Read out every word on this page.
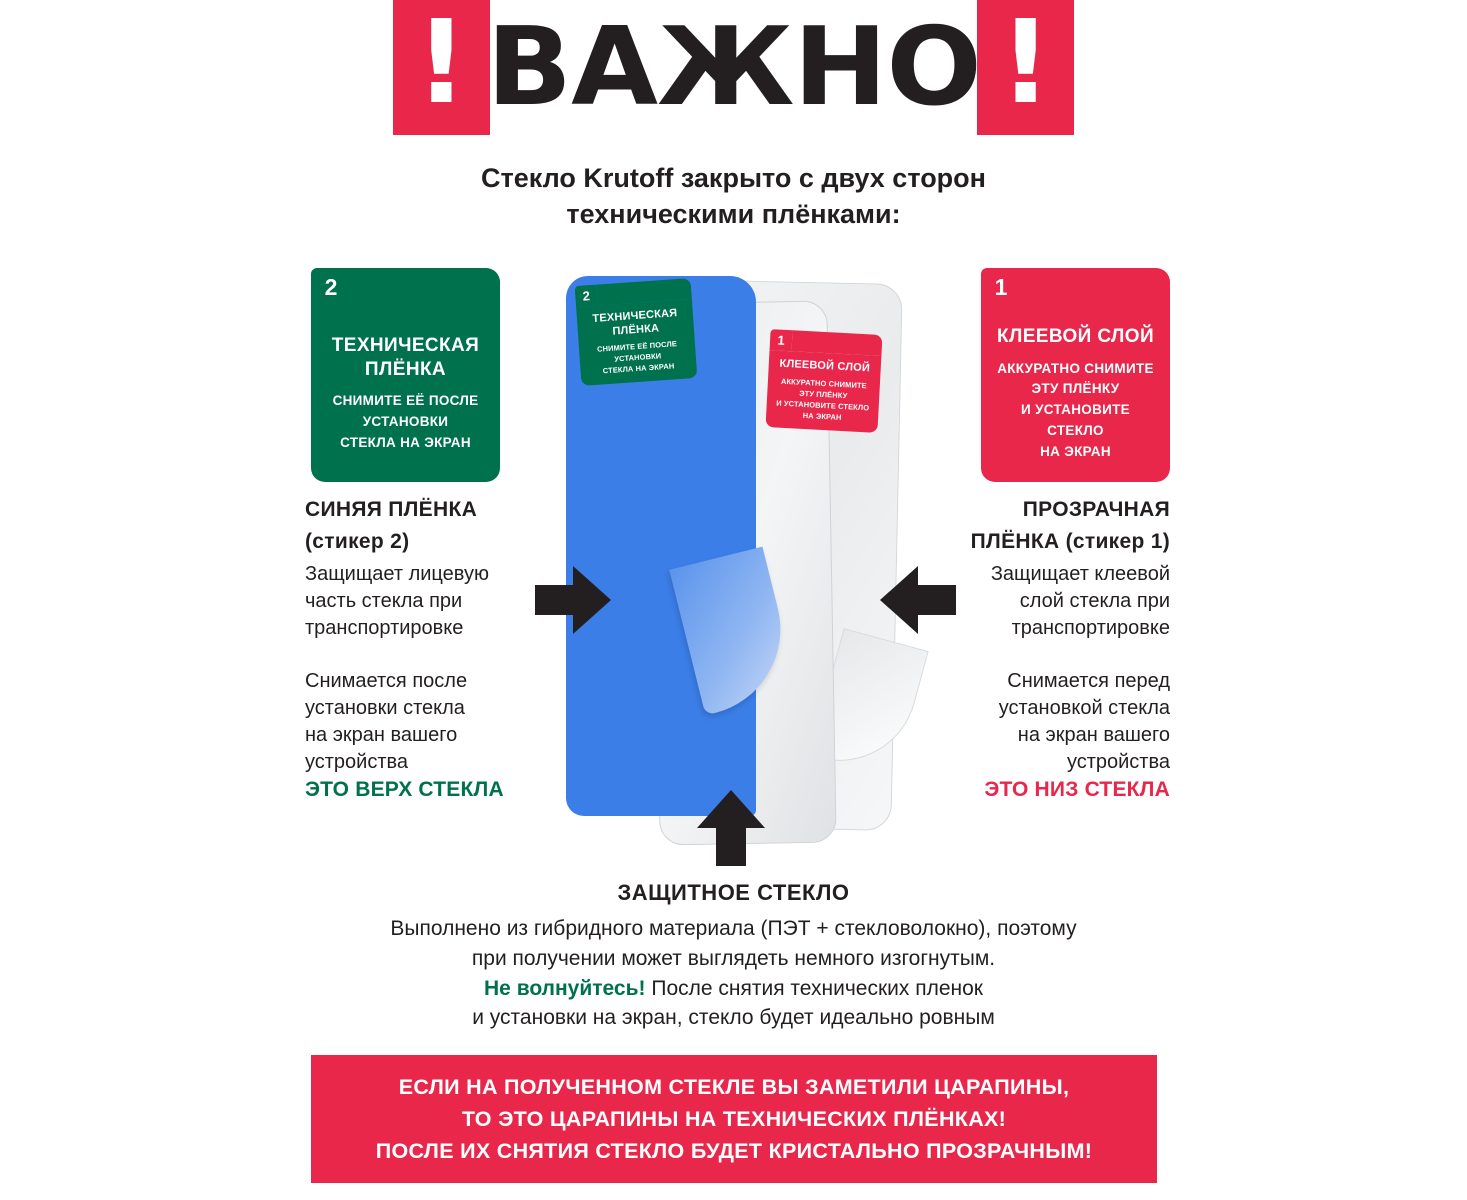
! ВАЖНО !
Стекло Krutoff закрыто с двух сторон
техническими плёнками:
2
ТЕХНИЧЕСКАЯ ПЛЁНКА
СНИМИТЕ ЕЁ ПОСЛЕ
УСТАНОВКИ
СТЕКЛА НА ЭКРАН
1
КЛЕЕВОЙ СЛОЙ
АККУРАТНО СНИМИТЕ
ЭТУ ПЛЁНКУ
И УСТАНОВИТЕ СТЕКЛО
НА ЭКРАН
2
ТЕХНИЧЕСКАЯ ПЛЁНКА
СНИМИТЕ ЕЁ ПОСЛЕ
УСТАНОВКИ
СТЕКЛА НА ЭКРАН
1
КЛЕЕВОЙ СЛОЙ
АККУРАТНО СНИМИТЕ
ЭТУ ПЛЁНКУ
И УСТАНОВИТЕ СТЕКЛО
НА ЭКРАН
СИНЯЯ ПЛЁНКА
(стикер 2)

Защищает лицевую

часть стекла при

транспортировке

Снимается после

установки стекла

на экран вашего

устройства

ЭТО ВЕРХ СТЕКЛА

ПРОЗРАЧНАЯ
ПЛЁНКА (стикер 1)

Защищает клеевой

слой стекла при

транспортировке

Снимается перед

установкой стекла

на экран вашего

устройства

ЭТО НИЗ СТЕКЛА

ЗАЩИТНОЕ СТЕКЛО
Выполнено из гибридного материала (ПЭТ + стекловолокно), поэтому
при получении может выглядеть немного изгогнутым.
Не волнуйтесь! После снятия технических пленок
и установки на экран, стекло будет идеально ровным
ЕСЛИ НА ПОЛУЧЕННОМ СТЕКЛЕ ВЫ ЗАМЕТИЛИ ЦАРАПИНЫ,
ТО ЭТО ЦАРАПИНЫ НА ТЕХНИЧЕСКИХ ПЛЁНКАХ!
ПОСЛЕ ИХ СНЯТИЯ СТЕКЛО БУДЕТ КРИСТАЛЬНО ПРОЗРАЧНЫМ!
